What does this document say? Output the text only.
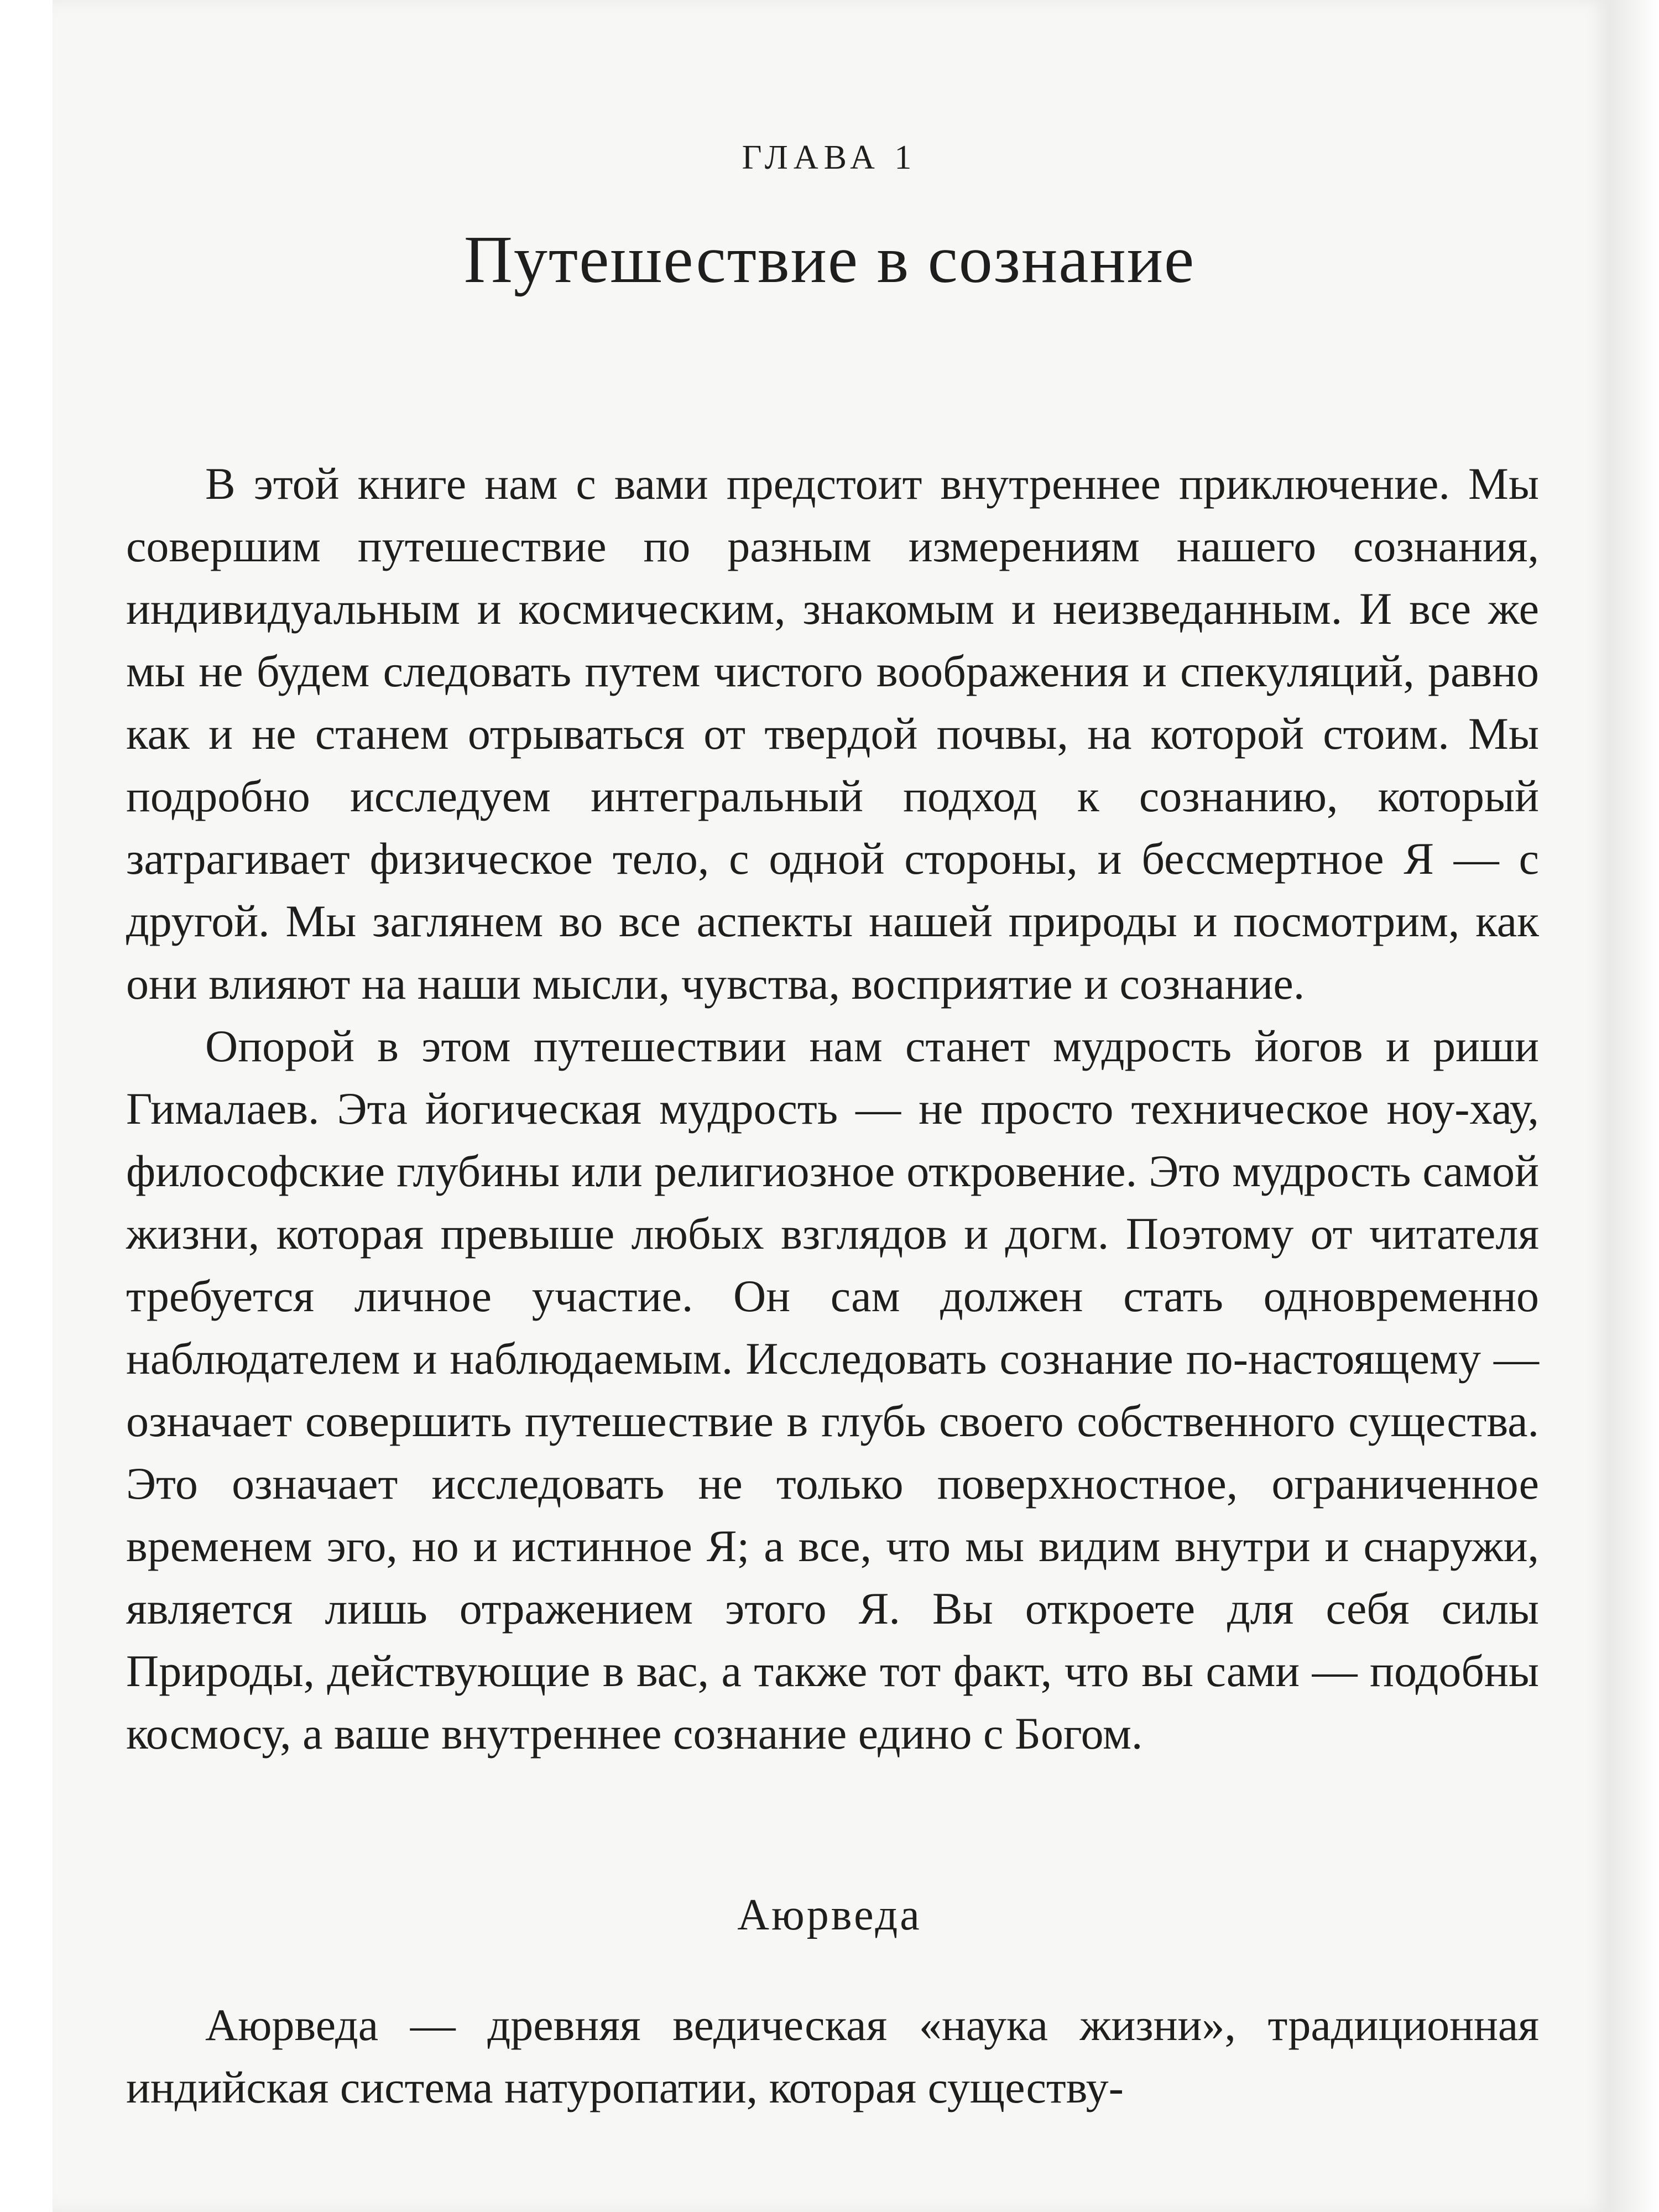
ГЛАВА 1
Путешествие в сознание

В этой книге нам с вами предстоит внутреннее приключение. Мы совершим путешествие по разным измерениям нашего сознания, индивидуальным и космическим, знакомым и неизведанным. И все же мы не будем следовать путем чистого воображения и спекуляций, равно как и не станем отрываться от твердой почвы, на которой стоим. Мы подробно исследуем интегральный подход к сознанию, который затрагивает физическое тело, с одной стороны, и бессмертное Я — с другой. Мы заглянем во все аспекты нашей природы и посмотрим, как они влияют на наши мысли, чувства, восприятие и сознание.

Опорой в этом путешествии нам станет мудрость йогов и риши Гималаев. Эта йогическая мудрость — не просто техническое ноу-хау, философские глубины или религиозное откровение. Это мудрость самой жизни, которая превыше любых взглядов и догм. Поэтому от читателя требуется личное участие. Он сам должен стать одновременно наблюдателем и наблюдаемым. Исследовать сознание по-настоящему — означает совершить путешествие в глубь своего собственного существа. Это означает исследовать не только поверхностное, ограниченное временем эго, но и истинное Я; а все, что мы видим внутри и снаружи, является лишь отражением этого Я. Вы откроете для себя силы Природы, действующие в вас, а также тот факт, что вы сами — подобны космосу, а ваше внутреннее сознание едино с Богом.

Аюрведа

Аюрведа — древняя ведическая «наука жизни», традиционная индийская система натуропатии, которая существу-
